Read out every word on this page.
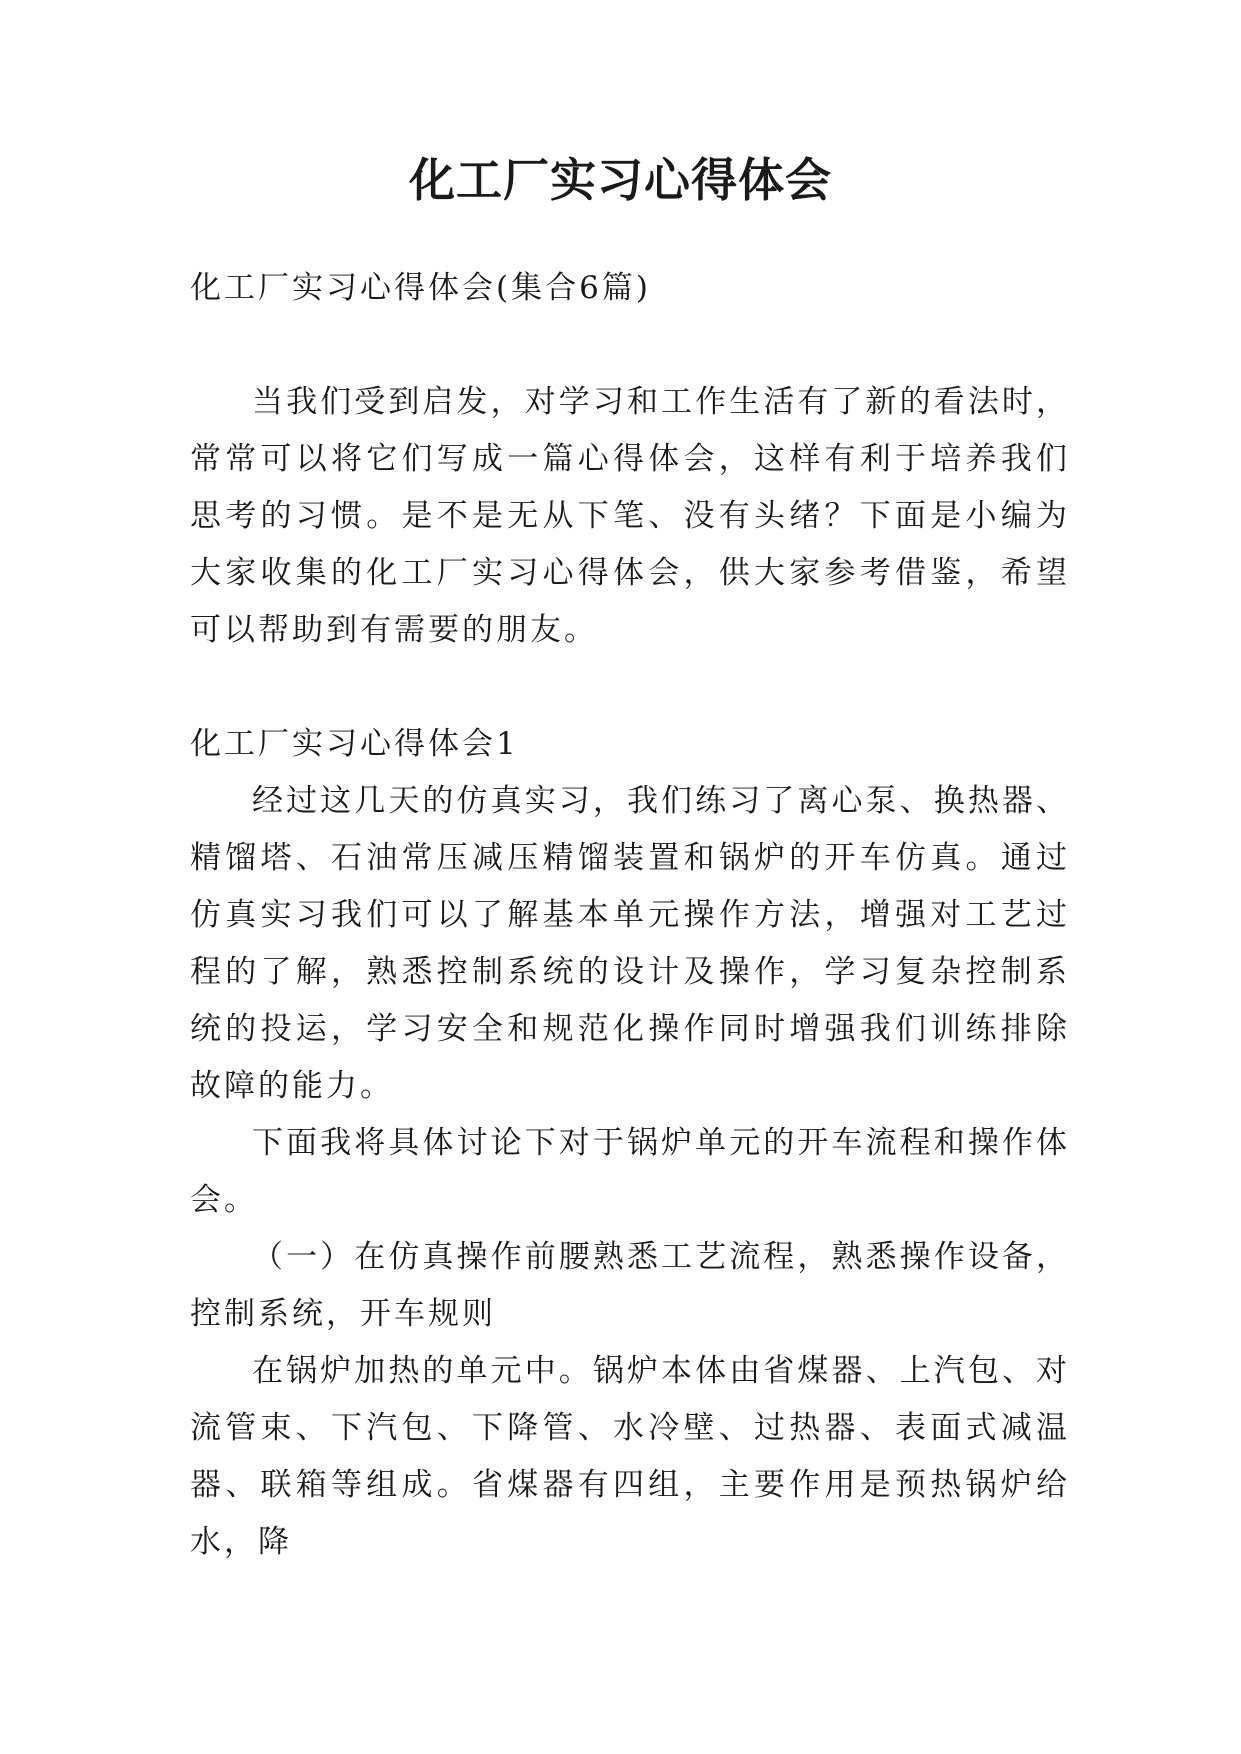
化工厂实习心得体会

化工厂实习心得体会(集合6篇)

当我们受到启发，对学习和工作生活有了新的看法时，常常可以将它们写成一篇心得体会，这样有利于培养我们思考的习惯。是不是无从下笔、没有头绪？下面是小编为大家收集的化工厂实习心得体会，供大家参考借鉴，希望可以帮助到有需要的朋友。

化工厂实习心得体会1

经过这几天的仿真实习，我们练习了离心泵、换热器、精馏塔、石油常压减压精馏装置和锅炉的开车仿真。通过仿真实习我们可以了解基本单元操作方法，增强对工艺过程的了解，熟悉控制系统的设计及操作，学习复杂控制系统的投运，学习安全和规范化操作同时增强我们训练排除故障的能力。

下面我将具体讨论下对于锅炉单元的开车流程和操作体会。

（一）在仿真操作前腰熟悉工艺流程，熟悉操作设备，控制系统，开车规则

在锅炉加热的单元中。锅炉本体由省煤器、上汽包、对流管束、下汽包、下降管、水冷壁、过热器、表面式减温器、联箱等组成。省煤器有四组，主要作用是预热锅炉给水，降
